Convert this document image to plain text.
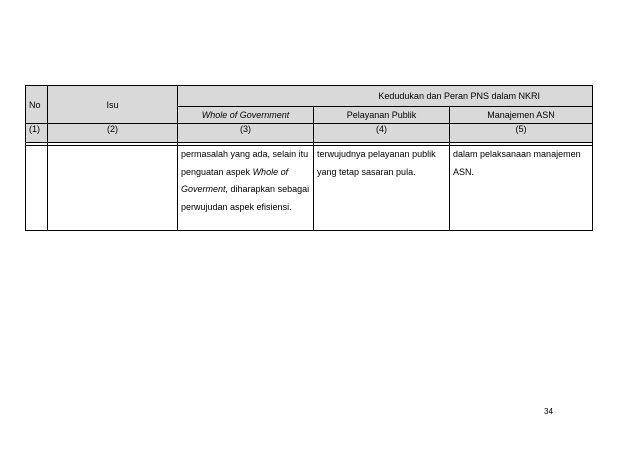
No	Isu	Kedudukan dan Peran PNS dalam NKRI		
		Whole of Government	Pelayanan Publik	Manajemen ASN
(1)	(2)	(3)	(4)	(5)

		permasalah yang ada, selain itu penguatan aspek Whole of Goverment, diharapkan sebagai perwujudan aspek efisiensi.	terwujudnya pelayanan publik yang tetap sasaran pula.	dalam pelaksanaan manajemen ASN.
34
